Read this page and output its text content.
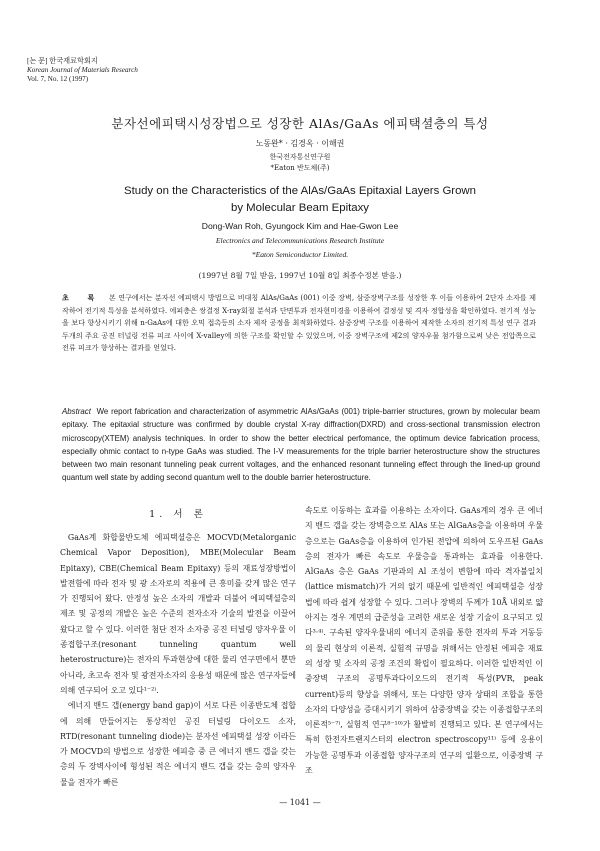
[논 문] 한국재료학회지
Korean Journal of Materials Research
Vol. 7, No. 12 (1997)
분자선에피택시성장법으로 성장한 AlAs/GaAs 에피택셜층의 특성
노동완* · 김경옥 · 이해권
한국전자통신연구원
*Eaton 반도체(주)
Study on the Characteristics of the AlAs/GaAs Epitaxial Layers Grown
by Molecular Beam Epitaxy
Dong-Wan Roh, Gyungock Kim and Hae-Gwon Lee
Electronics and Telecommunications Research Institute
*Eaton Semiconductor Limited.
(1997년 8월 7일 받음, 1997년 10월 8일 최종수정본 받음.)
초 록 본 연구에서는 분자선 에피택시 방법으로 비대칭 AlAs/GaAs (001) 이중 장벽, 삼중장벽구조를 성장한 후 이들 이용하여 2단자 소자를 제작하여 전기적 특성을 분석하였다. 에피층은 쌍결정 X-ray회절 분석과 단면투과 전자현미경을 이용하여 결정성 및 격자 정합성을 확인하였다. 전기적 성능을 보다 향상시키기 위해 n-GaAs에 대한 오믹 접촉등의 소자 제작 공정을 최적화하였다. 삼중장벽 구조를 이용하여 제작한 소자의 전기적 특성 연구 결과 두개의 주요 공진 터널링 전류 피크 사이에 X-valley에 의한 구조를 확인할 수 있었으며, 이중 장벽구조에 제2의 양자우물 첨가함으로써 낮은 전압쪽으로 전류 피크가 향상하는 결과를 얻었다.
Abstract We report fabrication and characterization of asymmetric AlAs/GaAs (001) triple-barrier structures, grown by molecular beam epitaxy. The epitaxial structure was confirmed by double crystal X-ray diffraction(DXRD) and cross-sectional transmission electron microscopy(XTEM) analysis techniques. In order to show the better electrical perfomance, the optimum device fabrication process, especially ohmic contact to n-type GaAs was studied. The I-V measurements for the triple barrier heterostructure show the structures between two main resonant tunneling peak current voltages, and the enhanced resonant tunneling effect through the lined-up ground quantum well state by adding second quantum well to the double barrier heterostructure.
1. 서 론

GaAs계 화합물반도체 에피택셜층은 MOCVD(Metalorganic Chemical Vapor Deposition), MBE(Molecular Beam Epitaxy), CBE(Chemical Beam Epitaxy) 등의 재료성장방법이 발전함에 따라 전자 및 광 소자로의 적용에 큰 흥미를 갖게 많은 연구가 진행되어 왔다. 안정성 높은 소자의 개발과 더불어 에피택셜층의 제조 및 공정의 개발은 높은 수준의 전자소자 기술의 발전을 이끌어 왔다고 할 수 있다. 이러한 첨단 전자 소자중 공진 터널링 양자우물 이종접합구조(resonant tunneling quantum well heterostructure)는 전자의 투과현상에 대한 물리 연구면에서 뿐만 아니라, 초고속 전자 및 광전자소자의 응용성 때문에 많은 연구자들에 의해 연구되어 오고 있다¹⁻²⁾.

에너지 밴드 갭(energy band gap)이 서로 다른 이종반도체 접합에 의해 만들어지는 통상적인 공진 터널링 다이오드 소자, RTD(resonant tunneling diode)는 분자선 에피택셜 성장 이라든가 MOCVD의 방법으로 성장한 에피층 중 큰 에너지 밴드 갭을 갖는 층의 두 장벽사이에 형성된 적은 에너지 밴드 갭을 갖는 층의 양자우물을 전자가 빠른

속도로 이동하는 효과를 이용하는 소자이다. GaAs계의 경우 큰 에너지 밴드 갭을 갖는 장벽층으로 AlAs 또는 AlGaAs층을 이용하며 우물층으로는 GaAs층을 이용하여 인가된 전압에 의하여 도우프된 GaAs 층의 전자가 빠른 속도로 우물층을 통과하는 효과를 이용한다. AlGaAs 층은 GaAs 기판과의 Al 조성이 변함에 따라 격자불일치(lattice mismatch)가 거의 없기 때문에 일반적인 에피택셜층 성장법에 따라 쉽게 성장할 수 있다. 그러나 장벽의 두께가 10Å 내외로 얇아지는 경우 계면의 급준성을 고려한 새로운 성장 기술이 요구되고 있다³·⁴⁾. 구속된 양자우물내의 에너지 준위를 통한 전자의 투과 거동등의 물리 현상의 이론적, 실험적 규명을 위해서는 안정된 에피층 재료의 성장 및 소자의 공정 조건의 확립이 필요하다. 이러한 일반적인 이중장벽 구조의 공명투과다이오드의 전기적 특성(PVR, peak current)등의 향상을 위해서, 또는 다양한 양자 상태의 조합을 통한 소자의 다양성을 증대시키기 위하여 삼중장벽을 갖는 이종접합구조의 이론적⁵⁻⁷⁾, 실험적 연구⁸⁻¹⁰⁾가 활발히 진행되고 있다. 본 연구에서는 특히 한전자트랜지스터의 electron spectroscopy¹¹⁾ 등에 응용이 가능한 공명투과 이종접합 양자구조의 연구의 일환으로, 이중장벽 구조

— 1041 —
